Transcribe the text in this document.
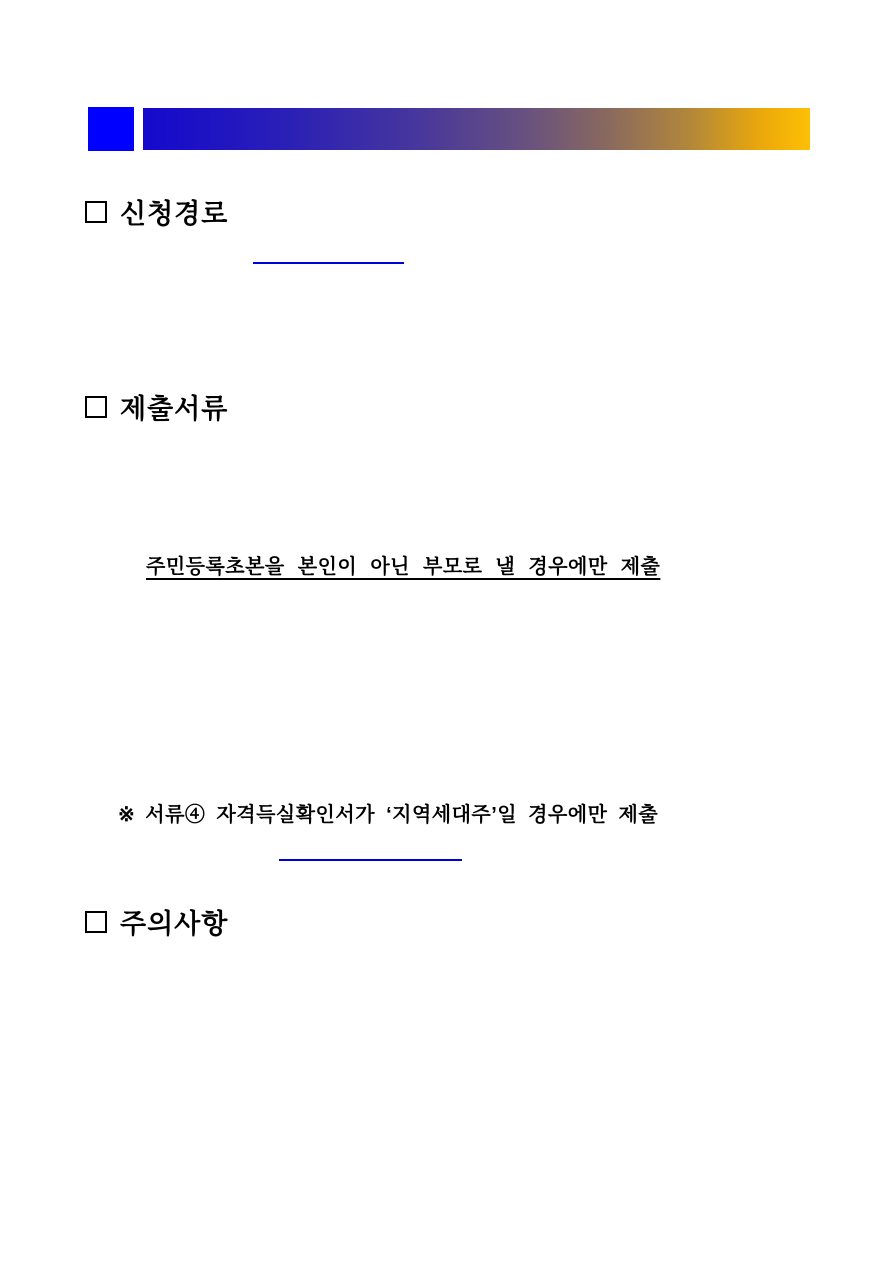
신청경로
제출서류
주민등록초본을 본인이 아닌 부모로 낼 경우에만 제출
※ 서류④ 자격득실확인서가 ‘지역세대주’일 경우에만 제출
주의사항
